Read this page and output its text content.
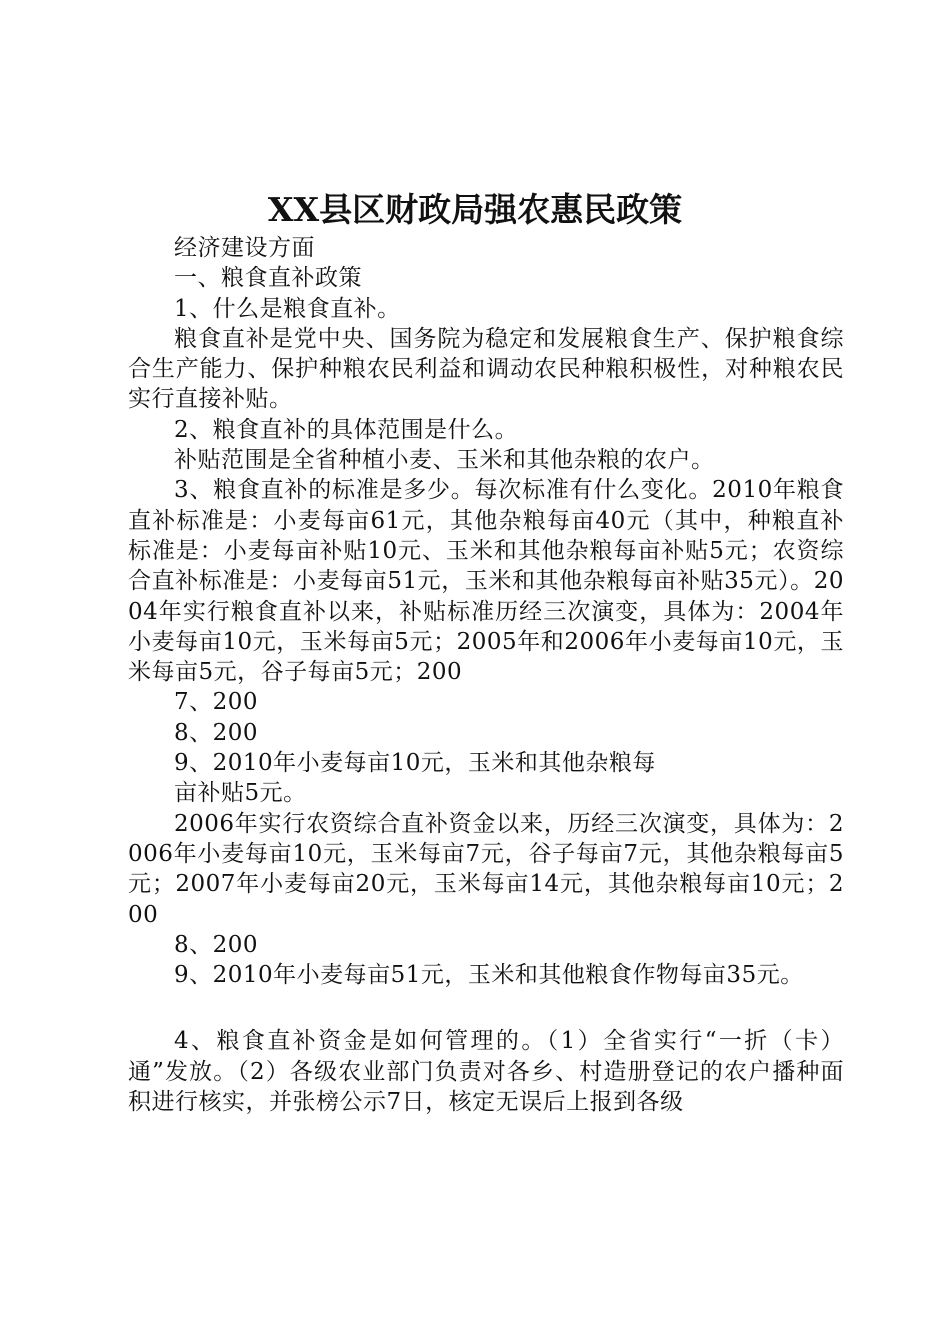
XX县区财政局强农惠民政策

经济建设方面

一、粮食直补政策

1、什么是粮食直补。

粮食直补是党中央、国务院为稳定和发展粮食生产、保护粮食综合生产能力、保护种粮农民利益和调动农民种粮积极性，对种粮农民实行直接补贴。

2、粮食直补的具体范围是什么。

补贴范围是全省种植小麦、玉米和其他杂粮的农户。

3、粮食直补的标准是多少。每次标准有什么变化。2010年粮食直补标准是：小麦每亩61元，其他杂粮每亩40元（其中，种粮直补标准是：小麦每亩补贴10元、玉米和其他杂粮每亩补贴5元；农资综合直补标准是：小麦每亩51元，玉米和其他杂粮每亩补贴35元）。2004年实行粮食直补以来，补贴标准历经三次演变，具体为：2004年小麦每亩10元，玉米每亩5元；2005年和2006年小麦每亩10元，玉米每亩5元，谷子每亩5元；200

7、200

8、200

9、2010年小麦每亩10元，玉米和其他杂粮每

亩补贴5元。

2006年实行农资综合直补资金以来，历经三次演变，具体为：2006年小麦每亩10元，玉米每亩7元，谷子每亩7元，其他杂粮每亩5元；2007年小麦每亩20元，玉米每亩14元，其他杂粮每亩10元；200

8、200

9、2010年小麦每亩51元，玉米和其他粮食作物每亩35元。

4、粮食直补资金是如何管理的。（1）全省实行“一折（卡）通”发放。（2）各级农业部门负责对各乡、村造册登记的农户播种面积进行核实，并张榜公示7日，核定无误后上报到各级
